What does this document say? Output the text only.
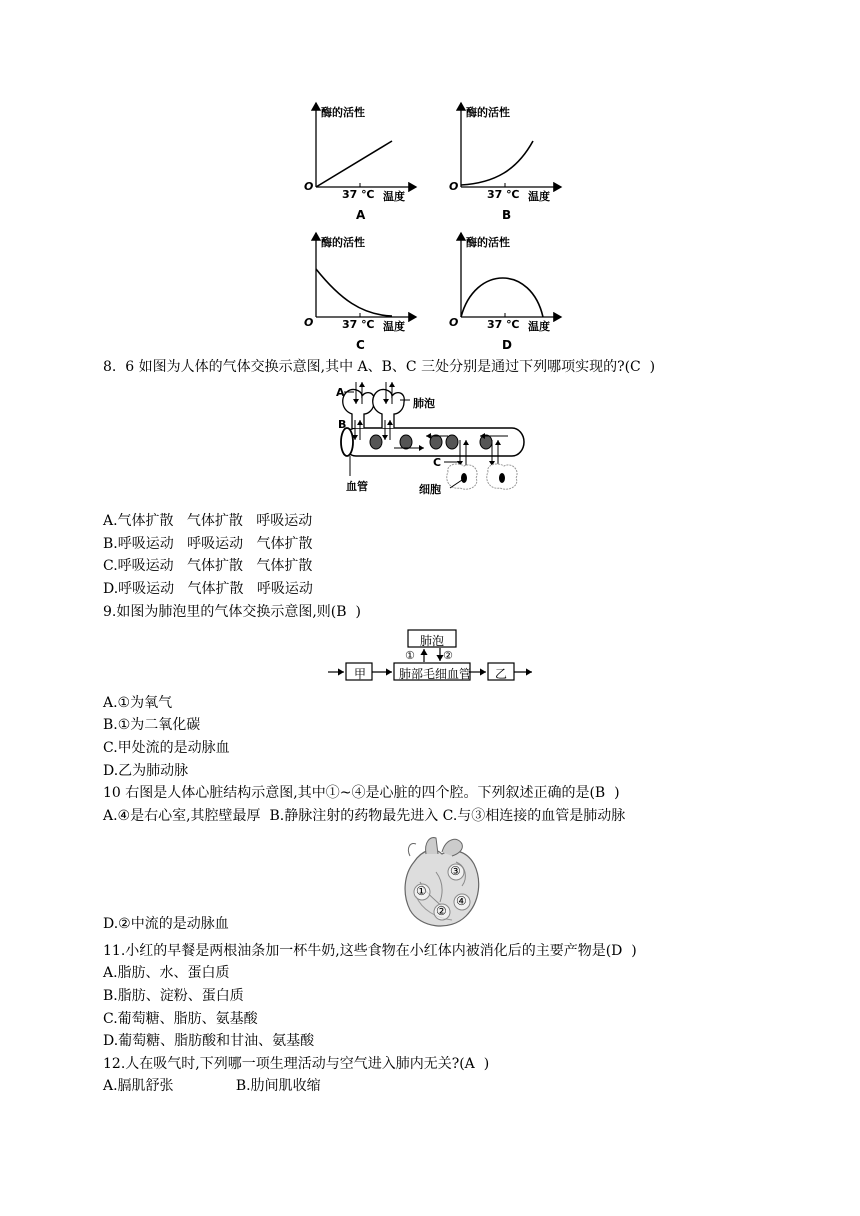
酶的活性	酶的活性
酶的活性	酶的活性
O	O
O	O
37 ℃	37 ℃
37 ℃	37 ℃
温度	温度
温度	温度
A	B
C	D
8.  6 如图为人体的气体交换示意图,其中 A、B、C 三处分别是通过下列哪项实现的?(C  )
A
B
C
肺泡
血管	细胞
A.气体扩散   气体扩散   呼吸运动
B.呼吸运动   呼吸运动   气体扩散
C.呼吸运动   气体扩散   气体扩散
D.呼吸运动   气体扩散   呼吸运动
9.如图为肺泡里的气体交换示意图,则(B  )
肺泡
肺部毛细血管
甲	乙
①	②
A.①为氧气
B.①为二氧化碳
C.甲处流的是动脉血
D.乙为肺动脉
10 右图是人体心脏结构示意图,其中①~④是心脏的四个腔。下列叙述正确的是(B  )
A.④是右心室,其腔壁最厚  B.静脉注射的药物最先进入 C.与③相连接的血管是肺动脉
①
③
④
②
D.②中流的是动脉血
11.小红的早餐是两根油条加一杯牛奶,这些食物在小红体内被消化后的主要产物是(D  )
A.脂肪、水、蛋白质
B.脂肪、淀粉、蛋白质
C.葡萄糖、脂肪、氨基酸
D.葡萄糖、脂肪酸和甘油、氨基酸
12.人在吸气时,下列哪一项生理活动与空气进入肺内无关?(A  )
A.膈肌舒张              B.肋间肌收缩
